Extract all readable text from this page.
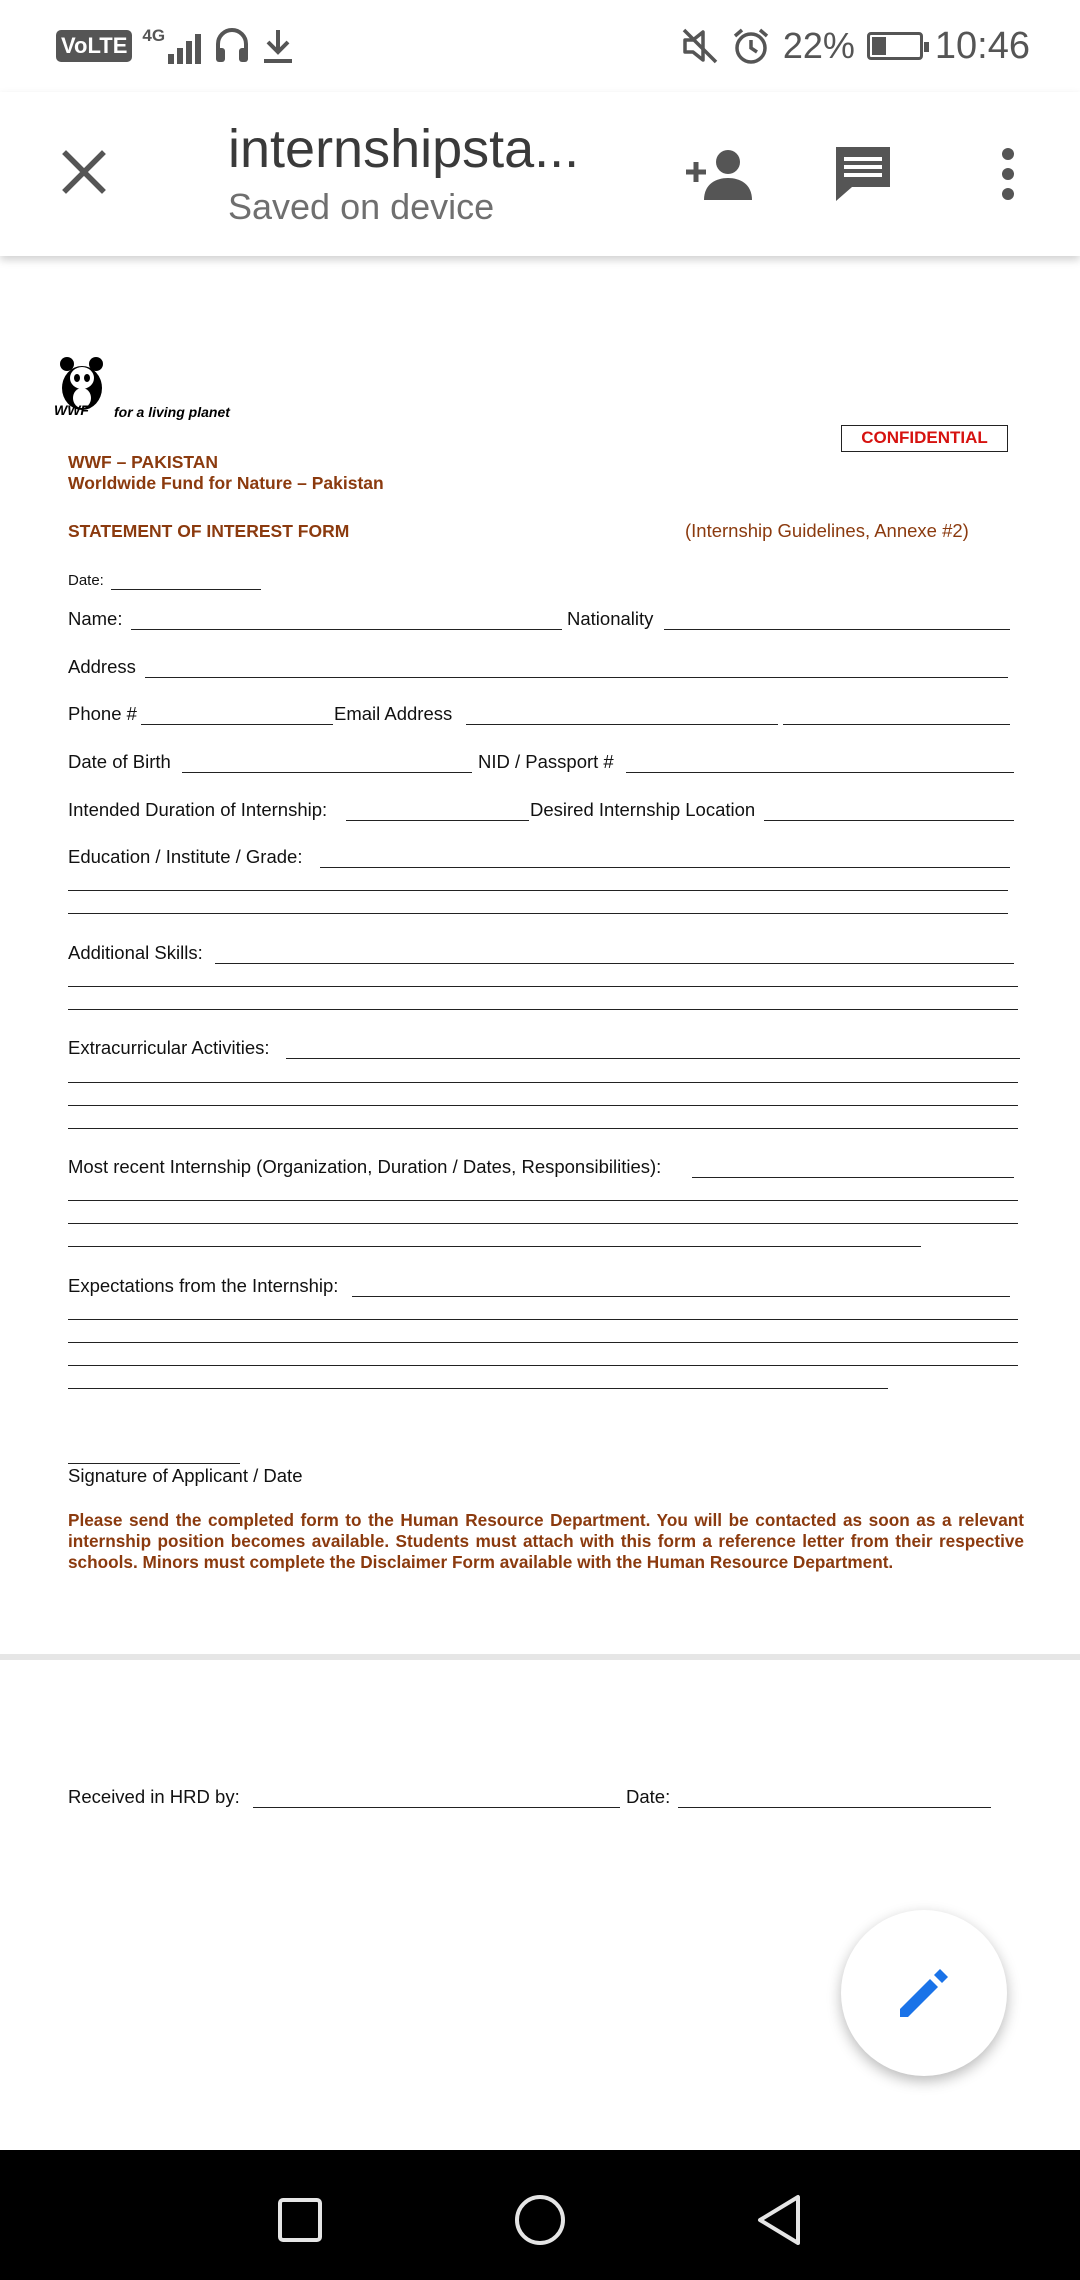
VoLTE 4G	22% 10:46
internshipsta...
Saved on device
WWF for a living planet
CONFIDENTIAL
WWF – PAKISTAN
Worldwide Fund for Nature – Pakistan
STATEMENT OF INTEREST FORM	(Internship Guidelines, Annexe #2)
Date:
Name:	Nationality
Address
Phone #	Email Address
Date of Birth	NID / Passport #
Intended Duration of Internship:	Desired Internship Location
Education / Institute / Grade:
Additional Skills:
Extracurricular Activities:
Most recent Internship (Organization, Duration / Dates, Responsibilities):
Expectations from the Internship:
Signature of Applicant / Date
Please send the completed form to the Human Resource Department. You will be contacted as soon as a relevant internship position becomes available. Students must attach with this form a reference letter from their respective schools. Minors must complete the Disclaimer Form available with the Human Resource Department.
Received in HRD by:	Date:
